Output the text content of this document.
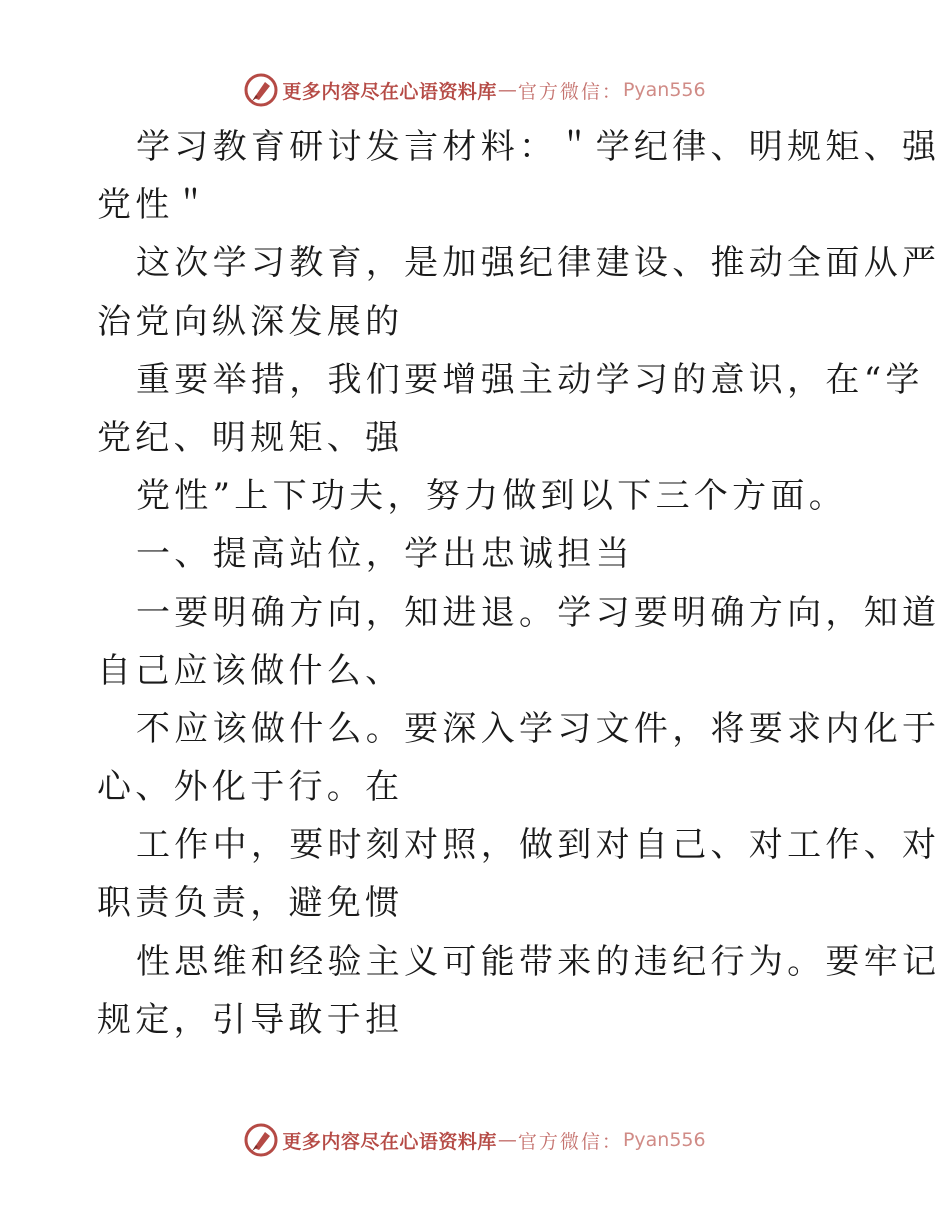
更多内容尽在心语资料库 — 官方微信： Pyan556
学习教育研讨发言材料：＂学纪律、明规矩、强
党性＂
这次学习教育，是加强纪律建设、推动全面从严
治党向纵深发展的
重要举措，我们要增强主动学习的意识，在“学
党纪、明规矩、强
党性”上下功夫，努力做到以下三个方面。
一、提高站位，学出忠诚担当
一要明确方向，知进退。学习要明确方向，知道
自己应该做什么、
不应该做什么。要深入学习文件，将要求内化于
心、外化于行。在
工作中，要时刻对照，做到对自己、对工作、对
职责负责，避免惯
性思维和经验主义可能带来的违纪行为。要牢记
规定，引导敢于担
更多内容尽在心语资料库 — 官方微信： Pyan556
